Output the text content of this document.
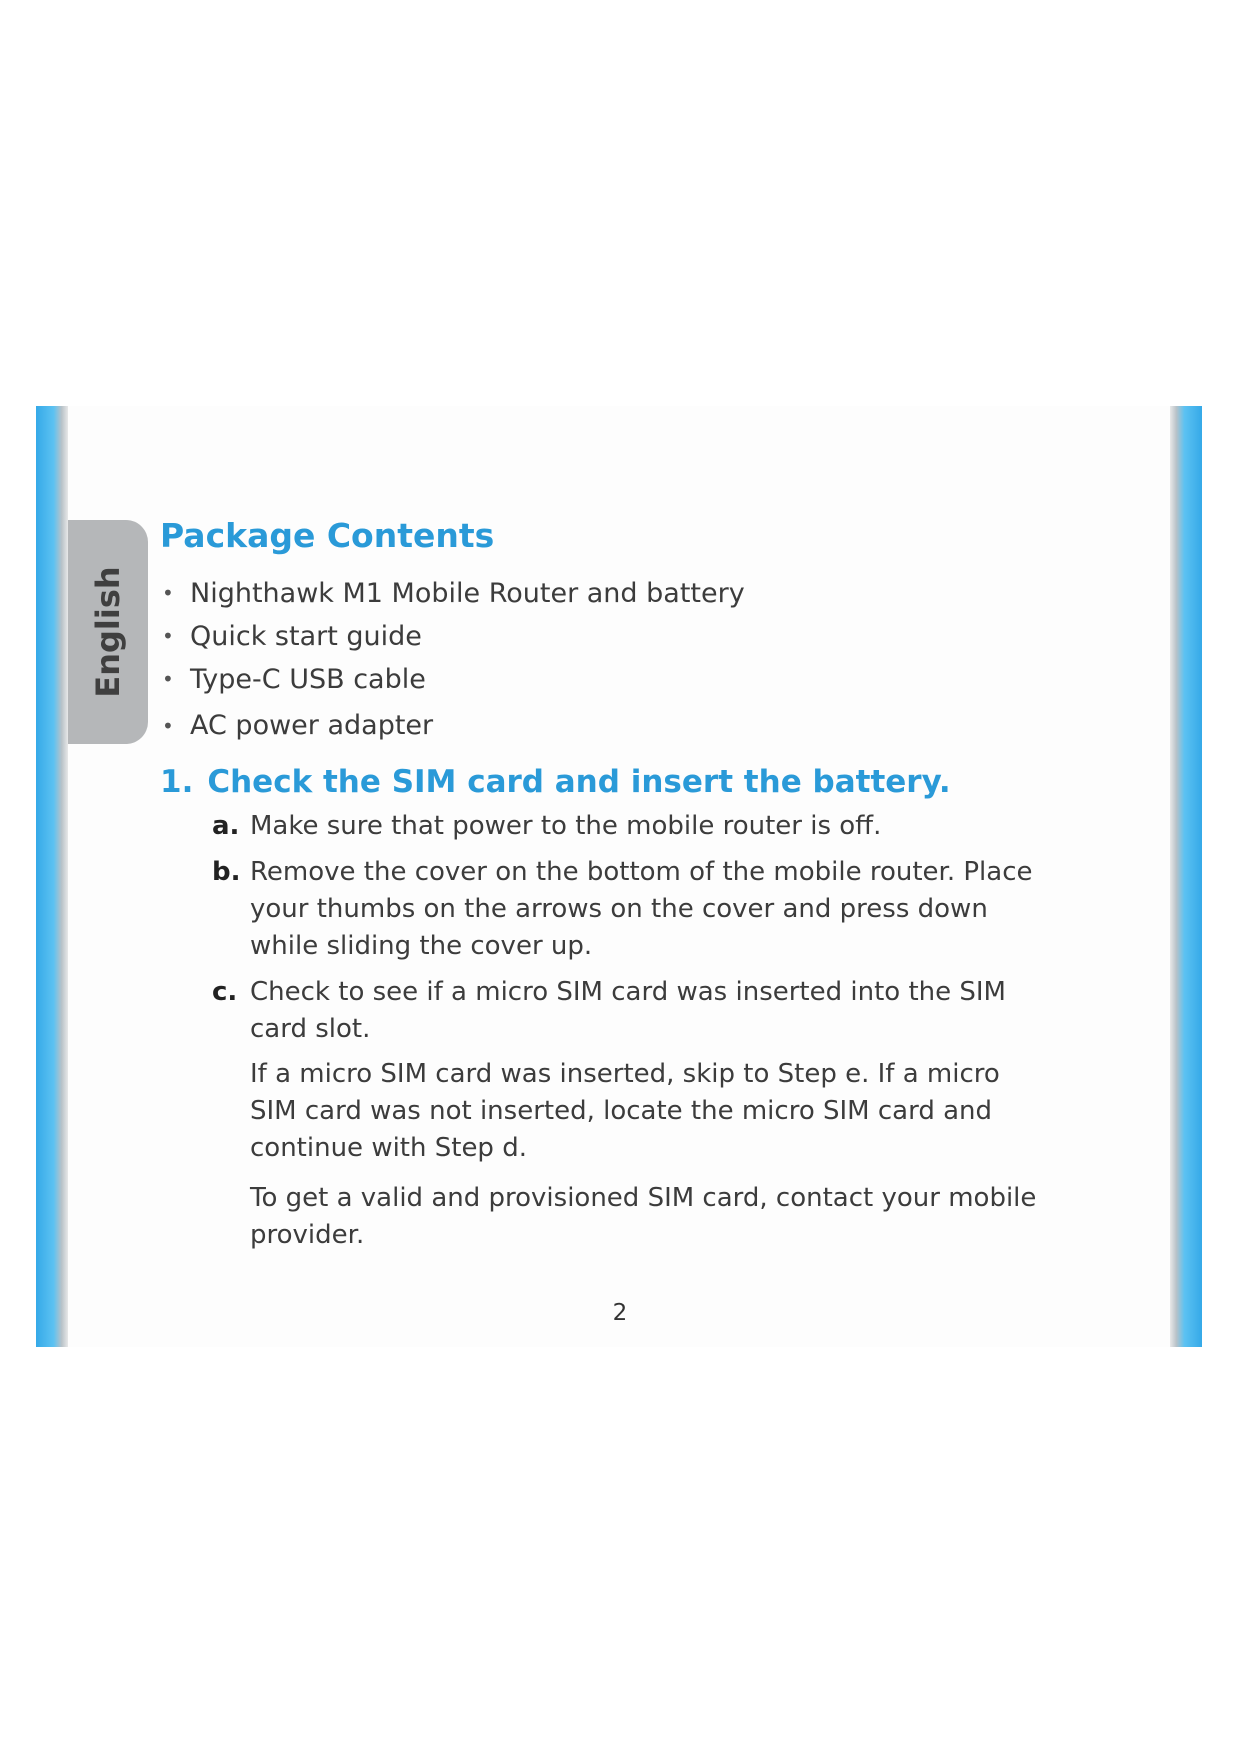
English
Package Contents
• Nighthawk M1 Mobile Router and battery
• Quick start guide
• Type-C USB cable
• AC power adapter
1. Check the SIM card and insert the battery.
a. Make sure that power to the mobile router is off.

b. Remove the cover on the bottom of the mobile router. Place your thumbs on the arrows on the cover and press down while sliding the cover up.

c. Check to see if a micro SIM card was inserted into the SIM card slot.

If a micro SIM card was inserted, skip to Step e. If a micro SIM card was not inserted, locate the micro SIM card and continue with Step d.

To get a valid and provisioned SIM card, contact your mobile provider.

2
